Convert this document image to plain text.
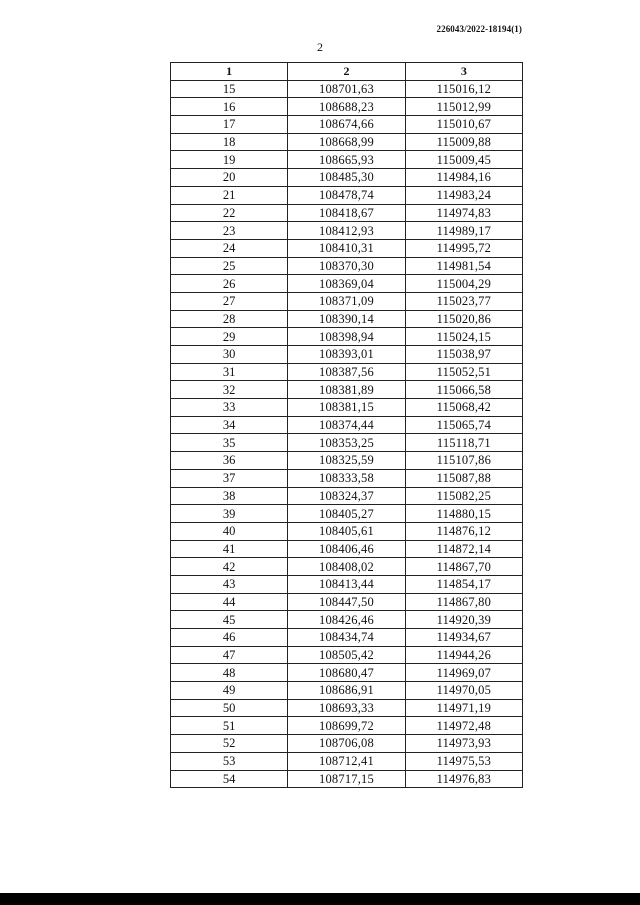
226043/2022-18194(1)
2
1	2	3
15	108701,63	115016,12
16	108688,23	115012,99
17	108674,66	115010,67
18	108668,99	115009,88
19	108665,93	115009,45
20	108485,30	114984,16
21	108478,74	114983,24
22	108418,67	114974,83
23	108412,93	114989,17
24	108410,31	114995,72
25	108370,30	114981,54
26	108369,04	115004,29
27	108371,09	115023,77
28	108390,14	115020,86
29	108398,94	115024,15
30	108393,01	115038,97
31	108387,56	115052,51
32	108381,89	115066,58
33	108381,15	115068,42
34	108374,44	115065,74
35	108353,25	115118,71
36	108325,59	115107,86
37	108333,58	115087,88
38	108324,37	115082,25
39	108405,27	114880,15
40	108405,61	114876,12
41	108406,46	114872,14
42	108408,02	114867,70
43	108413,44	114854,17
44	108447,50	114867,80
45	108426,46	114920,39
46	108434,74	114934,67
47	108505,42	114944,26
48	108680,47	114969,07
49	108686,91	114970,05
50	108693,33	114971,19
51	108699,72	114972,48
52	108706,08	114973,93
53	108712,41	114975,53
54	108717,15	114976,83
